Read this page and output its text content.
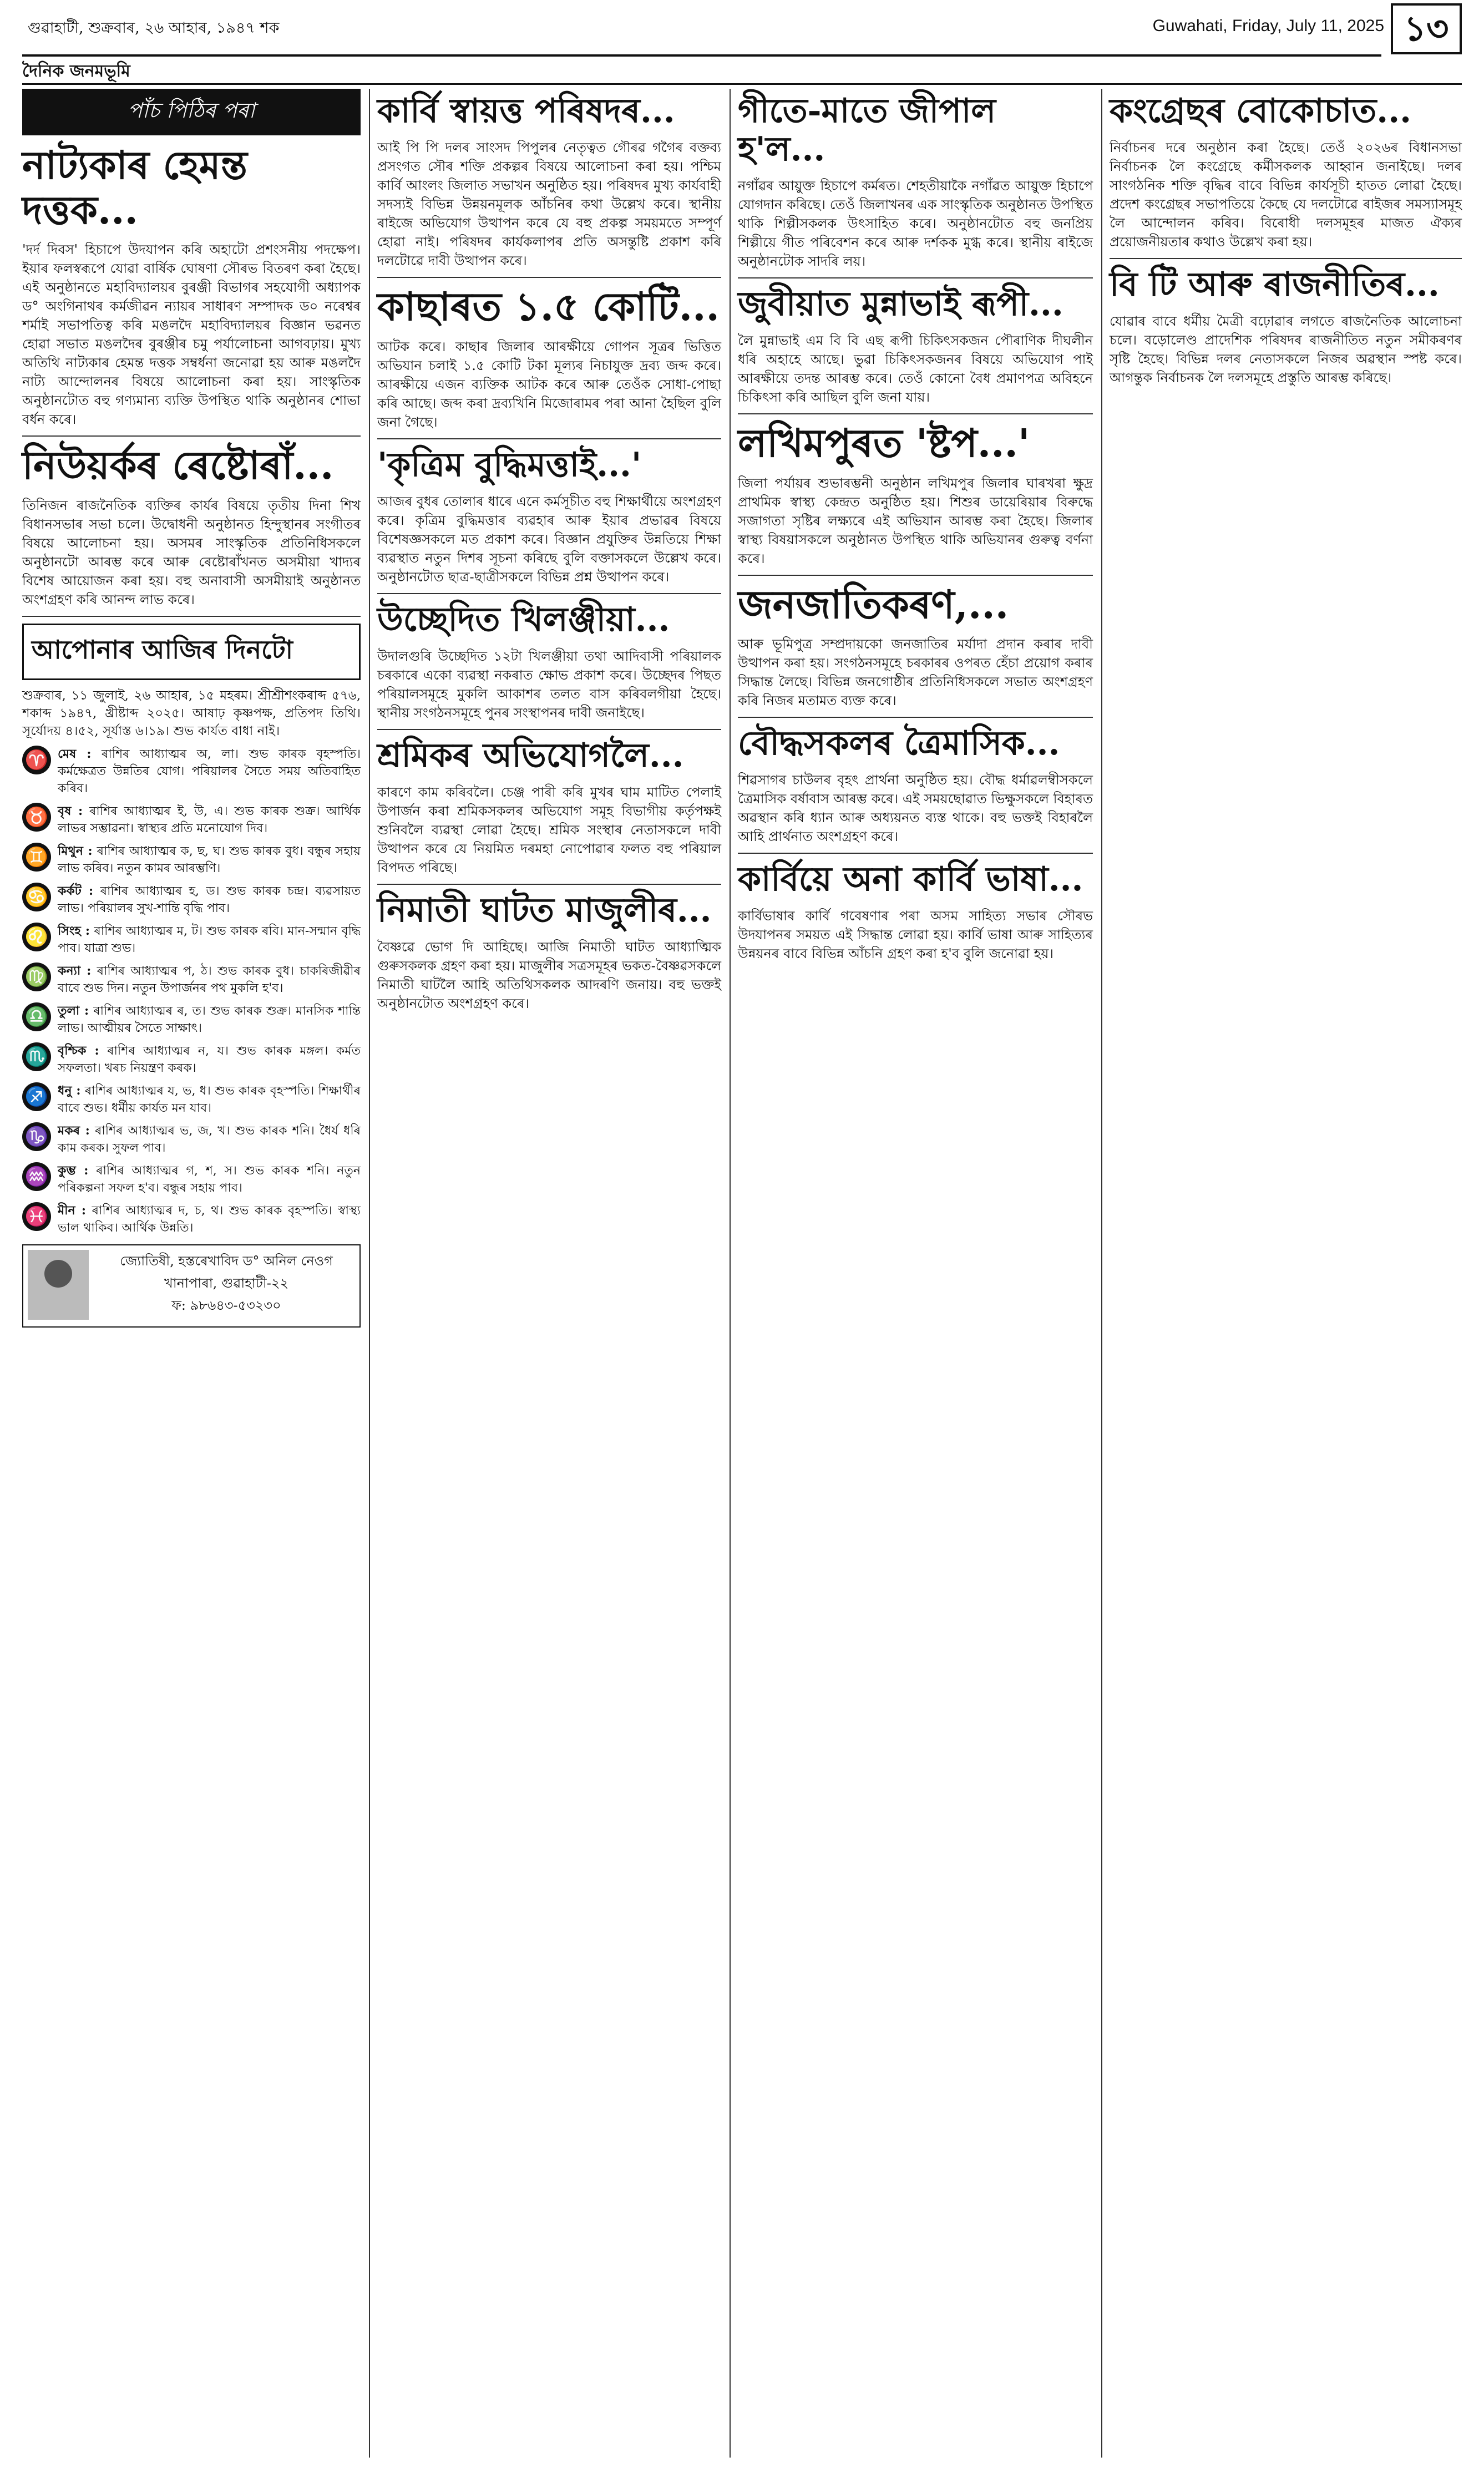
গুৱাহাটী, শুক্ৰবাৰ, ২৬ আহাৰ, ১৯৪৭ শক	Guwahati, Friday, July 11, 2025 ১৩
দৈনিক জনমভূমি
পাঁচ পিঠিৰ পৰা
নাট্যকাৰ হেমন্ত দত্তক...

'দৰ্দ দিবস' হিচাপে উদযাপন কৰি অহাটো প্ৰশংসনীয় পদক্ষেপ। ইয়াৰ ফলস্বৰূপে যোৱা বাৰ্ষিক ঘোষণা সৌৰভ বিতৰণ কৰা হৈছে। এই অনুষ্ঠানতে মহাবিদ্যালয়ৰ বুৰঞ্জী বিভাগৰ সহযোগী অধ্যাপক ড° অংগিনাথৰ কৰ্মজীৱন ন্যায়ৰ সাধাৰণ সম্পাদক ড০ নৰেশ্বৰ শৰ্মাই সভাপতিত্ব কৰি মঙলদৈ মহাবিদ্যালয়ৰ বিজ্ঞান ভৱনত হোৱা সভাত মঙলদৈৰ বুৰঞ্জীৰ চমু পৰ্যালোচনা আগবঢ়ায়। মুখ্য অতিথি নাট্যকাৰ হেমন্ত দত্তক সম্বৰ্ধনা জনোৱা হয় আৰু মঙলদৈ নাট্য আন্দোলনৰ বিষয়ে আলোচনা কৰা হয়। সাংস্কৃতিক অনুষ্ঠানটোত বহু গণ্যমান্য ব্যক্তি উপস্থিত থাকি অনুষ্ঠানৰ শোভা বৰ্ধন কৰে।

নিউয়ৰ্কৰ ৰেষ্টোৰাঁ...

তিনিজন ৰাজনৈতিক ব্যক্তিৰ কাৰ্যৰ বিষয়ে তৃতীয় দিনা শিখ বিধানসভাৰ সভা চলে। উদ্বোধনী অনুষ্ঠানত হিন্দুস্থানৰ সংগীতৰ বিষয়ে আলোচনা হয়। অসমৰ সাংস্কৃতিক প্ৰতিনিধিসকলে অনুষ্ঠানটো আৰম্ভ কৰে আৰু ৰেষ্টোৰাঁখনত অসমীয়া খাদ্যৰ বিশেষ আয়োজন কৰা হয়। বহু অনাবাসী অসমীয়াই অনুষ্ঠানত অংশগ্ৰহণ কৰি আনন্দ লাভ কৰে।

আপোনাৰ আজিৰ দিনটো
শুক্ৰবাৰ, ১১ জুলাই, ২৬ আহাৰ, ১৫ মহৰম। শ্ৰীশ্ৰীশংকৰাব্দ ৫৭৬, শকাব্দ ১৯৪৭, খ্ৰীষ্টাব্দ ২০২৫। আষাঢ় কৃষ্ণপক্ষ, প্ৰতিপদ তিথি। সূৰ্যোদয় ৪।৫২, সূৰ্যাস্ত ৬।১৯। শুভ কাৰ্যত বাধা নাই।
♈ মেষ : ৰাশিৰ আধ্যাত্মৰ অ, লা। শুভ কাৰক বৃহস্পতি। কৰ্মক্ষেত্ৰত উন্নতিৰ যোগ। পৰিয়ালৰ সৈতে সময় অতিবাহিত কৰিব।
♉ বৃষ : ৰাশিৰ আধ্যাত্মৰ ই, উ, এ। শুভ কাৰক শুক্ৰ। আৰ্থিক লাভৰ সম্ভাৱনা। স্বাস্থ্যৰ প্ৰতি মনোযোগ দিব।
♊ মিথুন : ৰাশিৰ আধ্যাত্মৰ ক, ছ, ঘ। শুভ কাৰক বুধ। বন্ধুৰ সহায় লাভ কৰিব। নতুন কামৰ আৰম্ভণি।
♋ কৰ্কট : ৰাশিৰ আধ্যাত্মৰ হ, ড। শুভ কাৰক চন্দ্ৰ। ব্যৱসায়ত লাভ। পৰিয়ালৰ সুখ-শান্তি বৃদ্ধি পাব।
♌ সিংহ : ৰাশিৰ আধ্যাত্মৰ ম, ট। শুভ কাৰক ৰবি। মান-সন্মান বৃদ্ধি পাব। যাত্ৰা শুভ।
♍ কন্যা : ৰাশিৰ আধ্যাত্মৰ প, ঠ। শুভ কাৰক বুধ। চাকৰিজীৱীৰ বাবে শুভ দিন। নতুন উপাৰ্জনৰ পথ মুকলি হ'ব।
♎ তুলা : ৰাশিৰ আধ্যাত্মৰ ৰ, ত। শুভ কাৰক শুক্ৰ। মানসিক শান্তি লাভ। আত্মীয়ৰ সৈতে সাক্ষাৎ।
♏ বৃশ্চিক : ৰাশিৰ আধ্যাত্মৰ ন, য। শুভ কাৰক মঙ্গল। কৰ্মত সফলতা। খৰচ নিয়ন্ত্ৰণ কৰক।
♐ ধনু : ৰাশিৰ আধ্যাত্মৰ য, ভ, ধ। শুভ কাৰক বৃহস্পতি। শিক্ষাৰ্থীৰ বাবে শুভ। ধৰ্মীয় কাৰ্যত মন যাব।
♑ মকৰ : ৰাশিৰ আধ্যাত্মৰ ভ, জ, খ। শুভ কাৰক শনি। ধৈৰ্য ধৰি কাম কৰক। সুফল পাব।
♒ কুম্ভ : ৰাশিৰ আধ্যাত্মৰ গ, শ, স। শুভ কাৰক শনি। নতুন পৰিকল্পনা সফল হ'ব। বন্ধুৰ সহায় পাব।
♓ মীন : ৰাশিৰ আধ্যাত্মৰ দ, চ, থ। শুভ কাৰক বৃহস্পতি। স্বাস্থ্য ভাল থাকিব। আৰ্থিক উন্নতি।
জ্যোতিষী, হস্তৰেখাবিদ ড° অনিল নেওগ
খানাপাৰা, গুৱাহাটী-২২
ফ: ৯৮৬৪৩-৫৩২৩০
কাৰ্বি স্বায়ত্ত পৰিষদৰ...

আই পি পি দলৰ সাংসদ পিপুলৰ নেতৃত্বত গৌৰৱ গগৈৰ বক্তব্য প্ৰসংগত সৌৰ শক্তি প্ৰকল্পৰ বিষয়ে আলোচনা কৰা হয়। পশ্চিম কাৰ্বি আংলং জিলাত সভাখন অনুষ্ঠিত হয়। পৰিষদৰ মুখ্য কাৰ্যবাহী সদস্যই বিভিন্ন উন্নয়নমূলক আঁচনিৰ কথা উল্লেখ কৰে। স্থানীয় ৰাইজে অভিযোগ উত্থাপন কৰে যে বহু প্ৰকল্প সময়মতে সম্পূৰ্ণ হোৱা নাই। পৰিষদৰ কাৰ্যকলাপৰ প্ৰতি অসন্তুষ্টি প্ৰকাশ কৰি দলটোৱে দাবী উত্থাপন কৰে।

কাছাৰত ১.৫ কোটি...

আটক কৰে। কাছাৰ জিলাৰ আৰক্ষীয়ে গোপন সূত্ৰৰ ভিত্তিত অভিযান চলাই ১.৫ কোটি টকা মূল্যৰ নিচাযুক্ত দ্ৰব্য জব্দ কৰে। আৰক্ষীয়ে এজন ব্যক্তিক আটক কৰে আৰু তেওঁক সোধা-পোছা কৰি আছে। জব্দ কৰা দ্ৰব্যখিনি মিজোৰামৰ পৰা আনা হৈছিল বুলি জনা গৈছে।

'কৃত্ৰিম বুদ্ধিমত্তাই...'

আজৰ বুধৰ তোলাৰ ধাৰে এনে কৰ্মসূচীত বহু শিক্ষাৰ্থীয়ে অংশগ্ৰহণ কৰে। কৃত্ৰিম বুদ্ধিমত্তাৰ ব্যৱহাৰ আৰু ইয়াৰ প্ৰভাৱৰ বিষয়ে বিশেষজ্ঞসকলে মত প্ৰকাশ কৰে। বিজ্ঞান প্ৰযুক্তিৰ উন্নতিয়ে শিক্ষা ব্যৱস্থাত নতুন দিশৰ সূচনা কৰিছে বুলি বক্তাসকলে উল্লেখ কৰে। অনুষ্ঠানটোত ছাত্ৰ-ছাত্ৰীসকলে বিভিন্ন প্ৰশ্ন উত্থাপন কৰে।

উচ্ছেদিত খিলঞ্জীয়া...

উদালগুৰি উচ্ছেদিত ১২টা খিলঞ্জীয়া তথা আদিবাসী পৰিয়ালক চৰকাৰে একো ব্যৱস্থা নকৰাত ক্ষোভ প্ৰকাশ কৰে। উচ্ছেদৰ পিছত পৰিয়ালসমূহে মুকলি আকাশৰ তলত বাস কৰিবলগীয়া হৈছে। স্থানীয় সংগঠনসমূহে পুনৰ সংস্থাপনৰ দাবী জনাইছে।

শ্ৰমিকৰ অভিযোগলৈ...

কাৰণে কাম কৰিবলৈ। চেঞ্জ পাৰী কৰি মুখৰ ঘাম মাটিত পেলাই উপাৰ্জন কৰা শ্ৰমিকসকলৰ অভিযোগ সমূহ বিভাগীয় কৰ্তৃপক্ষই শুনিবলৈ ব্যৱস্থা লোৱা হৈছে। শ্ৰমিক সংস্থাৰ নেতাসকলে দাবী উত্থাপন কৰে যে নিয়মিত দৰমহা নোপোৱাৰ ফলত বহু পৰিয়াল বিপদত পৰিছে।

নিমাতী ঘাটত মাজুলীৰ...

বৈষ্ণৱে ভোগ দি আহিছে। আজি নিমাতী ঘাটত আধ্যাত্মিক গুৰুসকলক গ্ৰহণ কৰা হয়। মাজুলীৰ সত্ৰসমূহৰ ভকত-বৈষ্ণৱসকলে নিমাতী ঘাটলৈ আহি অতিথিসকলক আদৰণি জনায়। বহু ভক্তই অনুষ্ঠানটোত অংশগ্ৰহণ কৰে।

গীতে-মাতে জীপাল হ'ল...

নগাঁৱৰ আয়ুক্ত হিচাপে কৰ্মৰত। শেহতীয়াকৈ নগাঁৱত আয়ুক্ত হিচাপে যোগদান কৰিছে। তেওঁ জিলাখনৰ এক সাংস্কৃতিক অনুষ্ঠানত উপস্থিত থাকি শিল্পীসকলক উৎসাহিত কৰে। অনুষ্ঠানটোত বহু জনপ্ৰিয় শিল্পীয়ে গীত পৰিবেশন কৰে আৰু দৰ্শকক মুগ্ধ কৰে। স্থানীয় ৰাইজে অনুষ্ঠানটোক সাদৰি লয়।

জুবীয়াত মুন্নাভাই ৰূপী...

লৈ মুন্নাভাই এম বি বি এছ ৰূপী চিকিৎসকজন পৌৰাণিক দীঘলীন ধৰি অহাহে আছে। ভুৱা চিকিৎসকজনৰ বিষয়ে অভিযোগ পাই আৰক্ষীয়ে তদন্ত আৰম্ভ কৰে। তেওঁ কোনো বৈধ প্ৰমাণপত্ৰ অবিহনে চিকিৎসা কৰি আছিল বুলি জনা যায়।

লখিমপুৰত 'ষ্টপ...'

জিলা পৰ্যায়ৰ শুভাৰম্ভনী অনুষ্ঠান লখিমপুৰ জিলাৰ ঘাৰখৰা ক্ষুদ্ৰ প্ৰাথমিক স্বাস্থ্য কেন্দ্ৰত অনুষ্ঠিত হয়। শিশুৰ ডায়েৰিয়াৰ বিৰুদ্ধে সজাগতা সৃষ্টিৰ লক্ষ্যৰে এই অভিযান আৰম্ভ কৰা হৈছে। জিলাৰ স্বাস্থ্য বিষয়াসকলে অনুষ্ঠানত উপস্থিত থাকি অভিযানৰ গুৰুত্ব বৰ্ণনা কৰে।

জনজাতিকৰণ,...

আৰু ভূমিপুত্ৰ সম্প্ৰদায়কো জনজাতিৰ মৰ্যাদা প্ৰদান কৰাৰ দাবী উত্থাপন কৰা হয়। সংগঠনসমূহে চৰকাৰৰ ওপৰত হেঁচা প্ৰয়োগ কৰাৰ সিদ্ধান্ত লৈছে। বিভিন্ন জনগোষ্ঠীৰ প্ৰতিনিধিসকলে সভাত অংশগ্ৰহণ কৰি নিজৰ মতামত ব্যক্ত কৰে।

বৌদ্ধসকলৰ ত্ৰৈমাসিক...

শিৱসাগৰ চাউলৰ বৃহৎ প্ৰাৰ্থনা অনুষ্ঠিত হয়। বৌদ্ধ ধৰ্মাৱলম্বীসকলে ত্ৰৈমাসিক বৰ্ষাবাস আৰম্ভ কৰে। এই সময়ছোৱাত ভিক্ষুসকলে বিহাৰত অৱস্থান কৰি ধ্যান আৰু অধ্যয়নত ব্যস্ত থাকে। বহু ভক্তই বিহাৰলৈ আহি প্ৰাৰ্থনাত অংশগ্ৰহণ কৰে।

কাৰ্বিয়ে অনা কাৰ্বি ভাষা...

কাৰ্বিভাষাৰ কাৰ্বি গবেষণাৰ পৰা অসম সাহিত্য সভাৰ সৌৰভ উদযাপনৰ সময়ত এই সিদ্ধান্ত লোৱা হয়। কাৰ্বি ভাষা আৰু সাহিত্যৰ উন্নয়নৰ বাবে বিভিন্ন আঁচনি গ্ৰহণ কৰা হ'ব বুলি জনোৱা হয়।

কংগ্ৰেছৰ বোকোচাত...

নিৰ্বাচনৰ দৰে অনুষ্ঠান কৰা হৈছে। তেওঁ ২০২৬ৰ বিধানসভা নিৰ্বাচনক লৈ কংগ্ৰেছে কৰ্মীসকলক আহ্বান জনাইছে। দলৰ সাংগঠনিক শক্তি বৃদ্ধিৰ বাবে বিভিন্ন কাৰ্যসূচী হাতত লোৱা হৈছে। প্ৰদেশ কংগ্ৰেছৰ সভাপতিয়ে কৈছে যে দলটোৱে ৰাইজৰ সমস্যাসমূহ লৈ আন্দোলন কৰিব। বিৰোধী দলসমূহৰ মাজত ঐক্যৰ প্ৰয়োজনীয়তাৰ কথাও উল্লেখ কৰা হয়।

বি টি আৰু ৰাজনীতিৰ...

যোৱাৰ বাবে ধৰ্মীয় মৈত্ৰী বঢ়োৱাৰ লগতে ৰাজনৈতিক আলোচনা চলে। বড়োলেণ্ড প্ৰাদেশিক পৰিষদৰ ৰাজনীতিত নতুন সমীকৰণৰ সৃষ্টি হৈছে। বিভিন্ন দলৰ নেতাসকলে নিজৰ অৱস্থান স্পষ্ট কৰে। আগন্তুক নিৰ্বাচনক লৈ দলসমূহে প্ৰস্তুতি আৰম্ভ কৰিছে।
